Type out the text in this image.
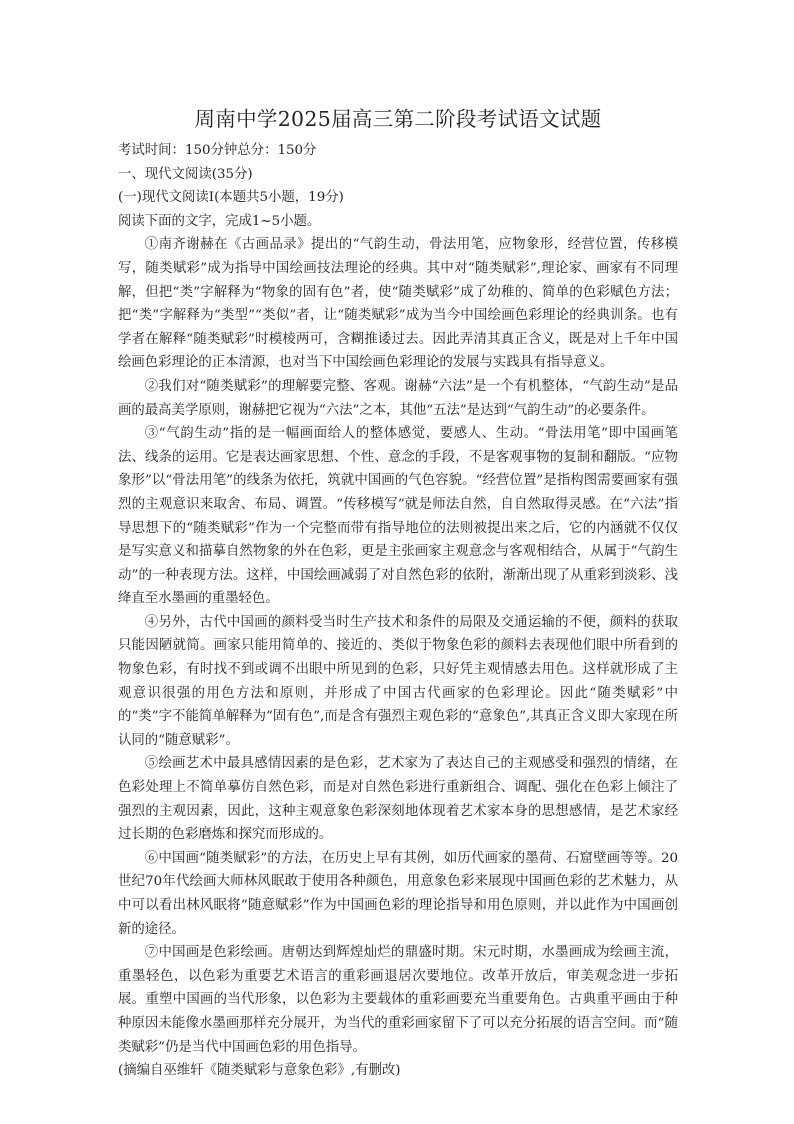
周南中学2025届高三第二阶段考试语文试题

考试时间：150分钟总分：150分

一、现代文阅读(35分)

(一)现代文阅读Ⅰ(本题共5小题，19分)

阅读下面的文字，完成1~5小题。

①南齐谢赫在《古画品录》提出的“气韵生动，骨法用笔，应物象形，经营位置，传移模写，随类赋彩”成为指导中国绘画技法理论的经典。其中对“随类赋彩”,理论家、画家有不同理解，但把“类”字解释为“物象的固有色”者，使“随类赋彩”成了幼稚的、简单的色彩赋色方法；把“类”字解释为“类型”“类似”者，让“随类赋彩”成为当今中国绘画色彩理论的经典训条。也有学者在解释“随类赋彩”时模棱两可，含糊推诿过去。因此弄清其真正含义，既是对上千年中国绘画色彩理论的正本清源，也对当下中国绘画色彩理论的发展与实践具有指导意义。

②我们对“随类赋彩”的理解要完整、客观。谢赫“六法”是一个有机整体，“气韵生动”是品画的最高美学原则，谢赫把它视为“六法”之本，其他“五法”是达到“气韵生动”的必要条件。

③“气韵生动”指的是一幅画面给人的整体感觉，要感人、生动。“骨法用笔”即中国画笔法、线条的运用。它是表达画家思想、个性、意念的手段，不是客观事物的复制和翻版。“应物象形”以“骨法用笔”的线条为依托，筑就中国画的气色容貌。“经营位置”是指构图需要画家有强烈的主观意识来取舍、布局、调置。“传移模写”就是师法自然，自自然取得灵感。在“六法”指导思想下的“随类赋彩”作为一个完整而带有指导地位的法则被提出来之后，它的内涵就不仅仅是写实意义和描摹自然物象的外在色彩，更是主张画家主观意念与客观相结合，从属于“气韵生动”的一种表现方法。这样，中国绘画减弱了对自然色彩的依附，渐渐出现了从重彩到淡彩、浅绛直至水墨画的重墨轻色。

④另外，古代中国画的颜料受当时生产技术和条件的局限及交通运输的不便，颜料的获取只能因陋就简。画家只能用简单的、接近的、类似于物象色彩的颜料去表现他们眼中所看到的物象色彩，有时找不到或调不出眼中所见到的色彩，只好凭主观情感去用色。这样就形成了主观意识很强的用色方法和原则，并形成了中国古代画家的色彩理论。因此“随类赋彩”中的“类”字不能简单解释为“固有色”,而是含有强烈主观色彩的“意象色”,其真正含义即大家现在所认同的“随意赋彩”。

⑤绘画艺术中最具感情因素的是色彩，艺术家为了表达自己的主观感受和强烈的情绪，在色彩处理上不简单摹仿自然色彩，而是对自然色彩进行重新组合、调配、强化在色彩上倾注了强烈的主观因素，因此，这种主观意象色彩深刻地体现着艺术家本身的思想感情，是艺术家经过长期的色彩磨炼和探究而形成的。

⑥中国画“随类赋彩”的方法，在历史上早有其例，如历代画家的墨荷、石窟壁画等等。20世纪70年代绘画大师林风眠敢于使用各种颜色，用意象色彩来展现中国画色彩的艺术魅力，从中可以看出林风眠将“随意赋彩”作为中国画色彩的理论指导和用色原则，并以此作为中国画创新的途径。

⑦中国画是色彩绘画。唐朝达到辉煌灿烂的鼎盛时期。宋元时期，水墨画成为绘画主流，重墨轻色，以色彩为重要艺术语言的重彩画退居次要地位。改革开放后，审美观念进一步拓展。重塑中国画的当代形象，以色彩为主要载体的重彩画要充当重要角色。古典重平画由于种种原因未能像水墨画那样充分展开，为当代的重彩画家留下了可以充分拓展的语言空间。而“随类赋彩”仍是当代中国画色彩的用色指导。

(摘编自巫维轩《随类赋彩与意象色彩》,有删改)
